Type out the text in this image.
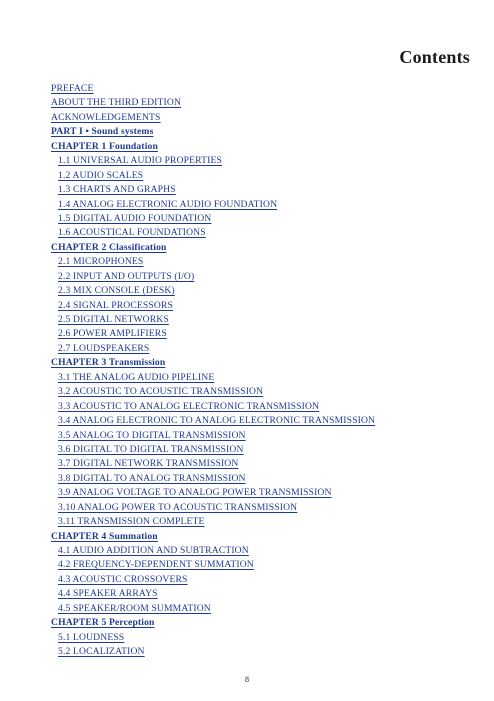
Contents
PREFACE
ABOUT THE THIRD EDITION
ACKNOWLEDGEMENTS
PART I • Sound systems
CHAPTER 1 Foundation
1.1 UNIVERSAL AUDIO PROPERTIES
1.2 AUDIO SCALES
1.3 CHARTS AND GRAPHS
1.4 ANALOG ELECTRONIC AUDIO FOUNDATION
1.5 DIGITAL AUDIO FOUNDATION
1.6 ACOUSTICAL FOUNDATIONS
CHAPTER 2 Classification
2.1 MICROPHONES
2.2 INPUT AND OUTPUTS (I/O)
2.3 MIX CONSOLE (DESK)
2.4 SIGNAL PROCESSORS
2.5 DIGITAL NETWORKS
2.6 POWER AMPLIFIERS
2.7 LOUDSPEAKERS
CHAPTER 3 Transmission
3.1 THE ANALOG AUDIO PIPELINE
3.2 ACOUSTIC TO ACOUSTIC TRANSMISSION
3.3 ACOUSTIC TO ANALOG ELECTRONIC TRANSMISSION
3.4 ANALOG ELECTRONIC TO ANALOG ELECTRONIC TRANSMISSION
3.5 ANALOG TO DIGITAL TRANSMISSION
3.6 DIGITAL TO DIGITAL TRANSMISSION
3.7 DIGITAL NETWORK TRANSMISSION
3.8 DIGITAL TO ANALOG TRANSMISSION
3.9 ANALOG VOLTAGE TO ANALOG POWER TRANSMISSION
3.10 ANALOG POWER TO ACOUSTIC TRANSMISSION
3.11 TRANSMISSION COMPLETE
CHAPTER 4 Summation
4.1 AUDIO ADDITION AND SUBTRACTION
4.2 FREQUENCY-DEPENDENT SUMMATION
4.3 ACOUSTIC CROSSOVERS
4.4 SPEAKER ARRAYS
4.5 SPEAKER/ROOM SUMMATION
CHAPTER 5 Perception
5.1 LOUDNESS
5.2 LOCALIZATION
8
